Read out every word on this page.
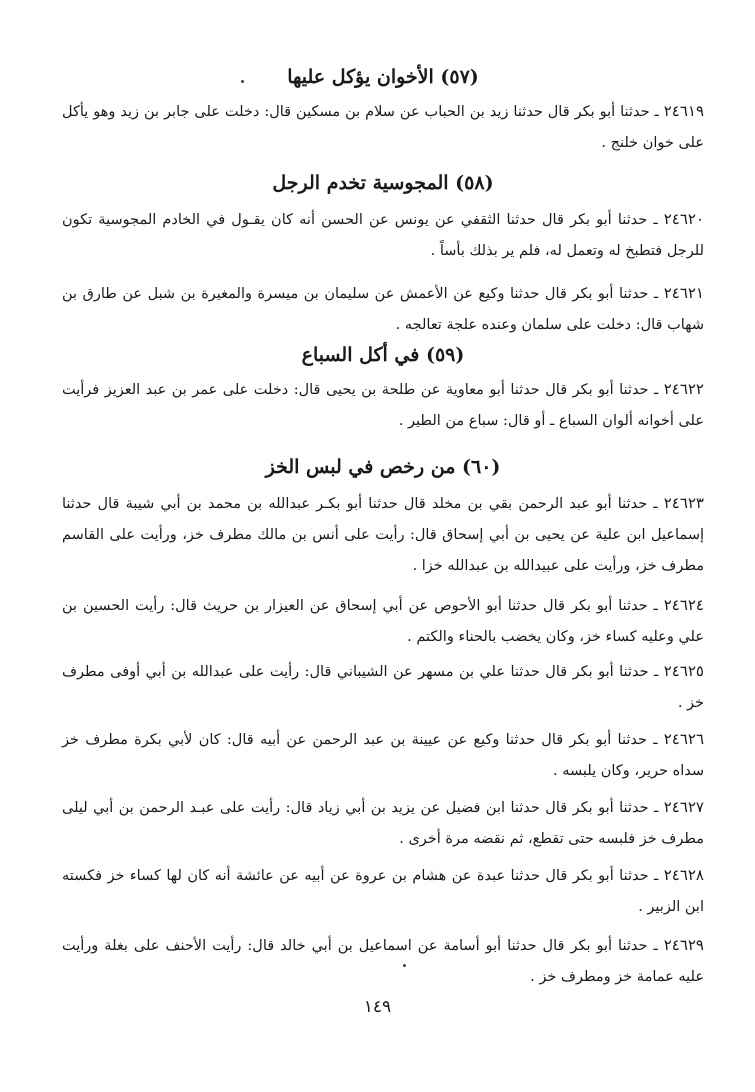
(٥٧) الأخوان يؤكل عليها
٢٤٦١٩ ـ حدثنا أبو بكر قال حدثنا زيد بن الحباب عن سلام بن مسكين قال: دخلت على جابر بن زيد وهو يأكل على خوان خلنج .
(٥٨) المجوسية تخدم الرجل
٢٤٦٢٠ ـ حدثنا أبو بكر قال حدثنا الثقفي عن يونس عن الحسن أنه كان يقـول في الخادم المجوسية تكون للرجل فتطبخ له وتعمل له، فلم ير بذلك بأساً .
٢٤٦٢١ ـ حدثنا أبو بكر قال حدثنا وكيع عن الأعمش عن سليمان بن ميسرة والمغيرة بن شبل عن طارق بن شهاب قال: دخلت على سلمان وعنده علجة تعالجه .
(٥٩) في أكل السباع
٢٤٦٢٢ ـ حدثنا أبو بكر قال حدثنا أبو معاوية عن طلحة بن يحيى قال: دخلت على عمر بن عبد العزيز فرأيت على أخوانه ألوان السباع ـ أو قال: سباع من الطير .
(٦٠) من رخص في لبس الخز
٢٤٦٢٣ ـ حدثنا أبو عبد الرحمن بقي بن مخلد قال حدثنا أبو بكـر عبدالله بن محمد بن أبي شيبة قال حدثنا إسماعيل ابن علية عن يحيى بن أبي إسحاق قال: رأيت على أنس بن مالك مطرف خز، ورأيت على القاسم مطرف خز، ورأيت على عبيدالله بن عبدالله خزا .
٢٤٦٢٤ ـ حدثنا أبو بكر قال حدثنا أبو الأحوص عن أبي إسحاق عن العيزار بن حريث قال: رأيت الحسين بن علي وعليه كساء خز، وكان يخضب بالحناء والكتم .
٢٤٦٢٥ ـ حدثنا أبو بكر قال حدثنا علي بن مسهر عن الشيباني قال: رأيت على عبدالله بن أبي أوفى مطرف خز .
٢٤٦٢٦ ـ حدثنا أبو بكر قال حدثنا وكيع عن عيينة بن عبد الرحمن عن أبيه قال: كان لأبي بكرة مطرف خز سداه حرير، وكان يلبسه .
٢٤٦٢٧ ـ حدثنا أبو بكر قال حدثنا ابن فضيل عن يزيد بن أبي زياد قال: رأيت على عبـد الرحمن بن أبي ليلى مطرف خز فلبسه حتى تقطع، ثم نقضه مرة أخرى .
٢٤٦٢٨ ـ حدثنا أبو بكر قال حدثنا عبدة عن هشام بن عروة عن أبيه عن عائشة أنه كان لها كساء خز فكسته ابن الزبير .
٢٤٦٢٩ ـ حدثنا أبو بكر قال حدثنا أبو أسامة عن اسماعيل بن أبي خالد قال: رأيت الأحنف على بغلة ورأيت عليه عمامة خز ومطرف خز .
١٤٩
